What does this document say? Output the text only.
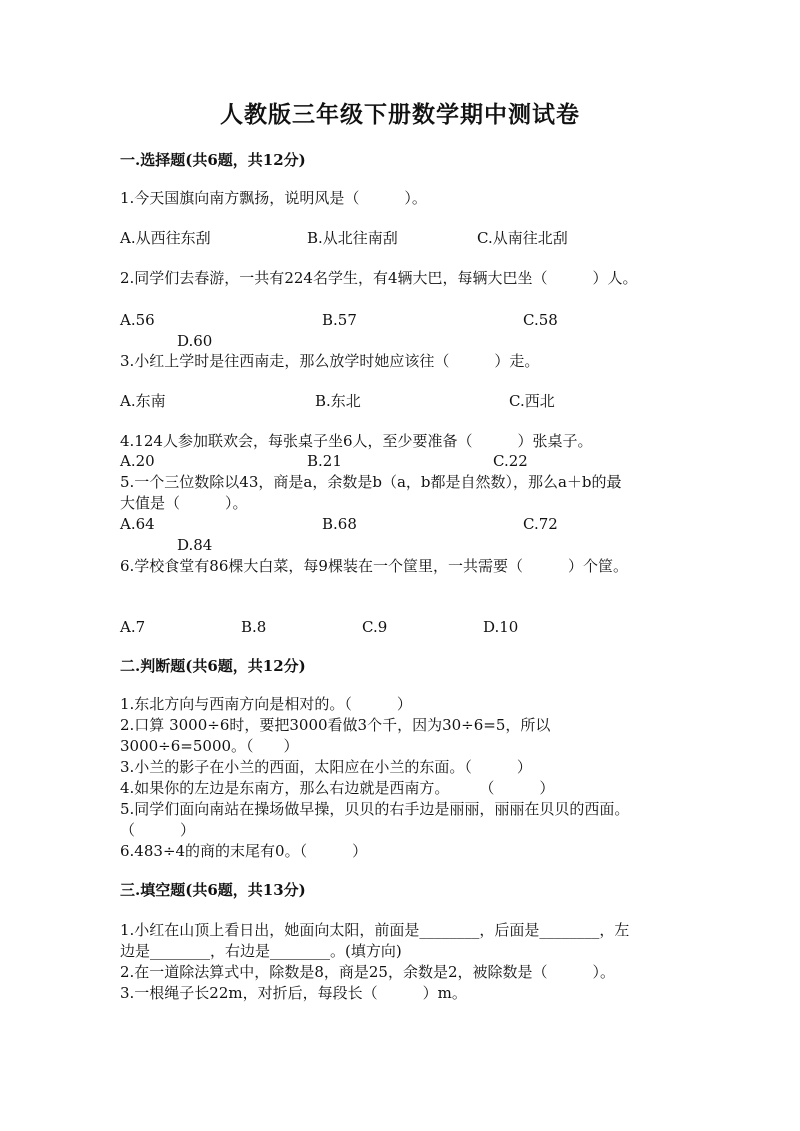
人教版三年级下册数学期中测试卷
一.选择题(共6题，共12分)
1.今天国旗向南方飘扬，说明风是（　　　）。
A.从西往东刮	B.从北往南刮	C.从南往北刮
2.同学们去春游，一共有224名学生，有4辆大巴，每辆大巴坐（　　　）人。
A.56	B.57	C.58
D.60
3.小红上学时是往西南走，那么放学时她应该往（　　　）走。
A.东南	B.东北	C.西北
4.124人参加联欢会，每张桌子坐6人，至少要准备（　　　）张桌子。
A.20	B.21	C.22
5.一个三位数除以43，商是a，余数是b（a，b都是自然数），那么a＋b的最
大值是（　　　）。
A.64	B.68	C.72
D.84
6.学校食堂有86棵大白菜，每9棵装在一个筐里，一共需要（　　　）个筐。
A.7	B.8	C.9	D.10
二.判断题(共6题，共12分)
1.东北方向与西南方向是相对的。（　　　）
2.口算 3000÷6时，要把3000看做3个千，因为30÷6=5，所以
3000÷6=5000。（　　）
3.小兰的影子在小兰的西面，太阳应在小兰的东面。（　　　）
4.如果你的左边是东南方，那么右边就是西南方。　　　（　　　）
5.同学们面向南站在操场做早操，贝贝的右手边是丽丽，丽丽在贝贝的西面。
（　　　）
6.483÷4的商的末尾有0。（　　　）
三.填空题(共6题，共13分)
1.小红在山顶上看日出，她面向太阳，前面是________，后面是________，左
边是________，右边是________。(填方向)
2.在一道除法算式中，除数是8，商是25，余数是2，被除数是（　　　）。
3.一根绳子长22m，对折后，每段长（　　　）m。
